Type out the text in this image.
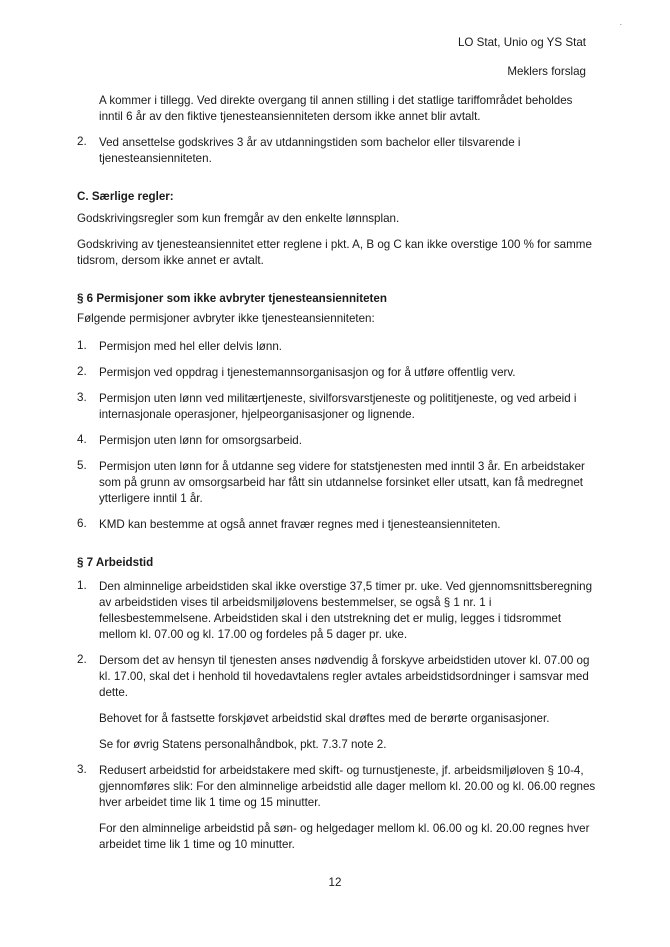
.
LO Stat, Unio og YS Stat
Meklers forslag

A kommer i tillegg. Ved direkte overgang til annen stilling i det statlige tariffområdet beholdes inntil 6 år av den fiktive tjenesteansienniteten dersom ikke annet blir avtalt.

2.	Ved ansettelse godskrives 3 år av utdanningstiden som bachelor eller tilsvarende i tjenesteansienniteten.

C. Særlige regler:

Godskrivingsregler som kun fremgår av den enkelte lønnsplan.

Godskriving av tjenesteansiennitet etter reglene i pkt. A, B og C kan ikke overstige 100 % for samme tidsrom, dersom ikke annet er avtalt.

§ 6 Permisjoner som ikke avbryter tjenesteansienniteten

Følgende permisjoner avbryter ikke tjenesteansienniteten:

1.	Permisjon med hel eller delvis lønn.

2.	Permisjon ved oppdrag i tjenestemannsorganisasjon og for å utføre offentlig verv.

3.	Permisjon uten lønn ved militærtjeneste, sivilforsvarstjeneste og polititjeneste, og ved arbeid i internasjonale operasjoner, hjelpeorganisasjoner og lignende.

4.	Permisjon uten lønn for omsorgsarbeid.

5.	Permisjon uten lønn for å utdanne seg videre for statstjenesten med inntil 3 år. En arbeidstaker som på grunn av omsorgsarbeid har fått sin utdannelse forsinket eller utsatt, kan få medregnet ytterligere inntil 1 år.

6.	KMD kan bestemme at også annet fravær regnes med i tjenesteansienniteten.

§ 7 Arbeidstid

1.	Den alminnelige arbeidstiden skal ikke overstige 37,5 timer pr. uke. Ved gjennomsnittsberegning av arbeidstiden vises til arbeidsmiljølovens bestemmelser, se også § 1 nr. 1 i fellesbestemmelsene. Arbeidstiden skal i den utstrekning det er mulig, legges i tidsrommet mellom kl. 07.00 og kl. 17.00 og fordeles på 5 dager pr. uke.

2.	Dersom det av hensyn til tjenesten anses nødvendig å forskyve arbeidstiden utover kl. 07.00 og kl. 17.00, skal det i henhold til hovedavtalens regler avtales arbeidstidsordninger i samsvar med dette.

Behovet for å fastsette forskjøvet arbeidstid skal drøftes med de berørte organisasjoner.

Se for øvrig Statens personalhåndbok, pkt. 7.3.7 note 2.

3.	Redusert arbeidstid for arbeidstakere med skift- og turnustjeneste, jf. arbeidsmiljøloven § 10-4, gjennomføres slik: For den alminnelige arbeidstid alle dager mellom kl. 20.00 og kl. 06.00 regnes hver arbeidet time lik 1 time og 15 minutter.

For den alminnelige arbeidstid på søn- og helgedager mellom kl. 06.00 og kl. 20.00 regnes hver arbeidet time lik 1 time og 10 minutter.

12
